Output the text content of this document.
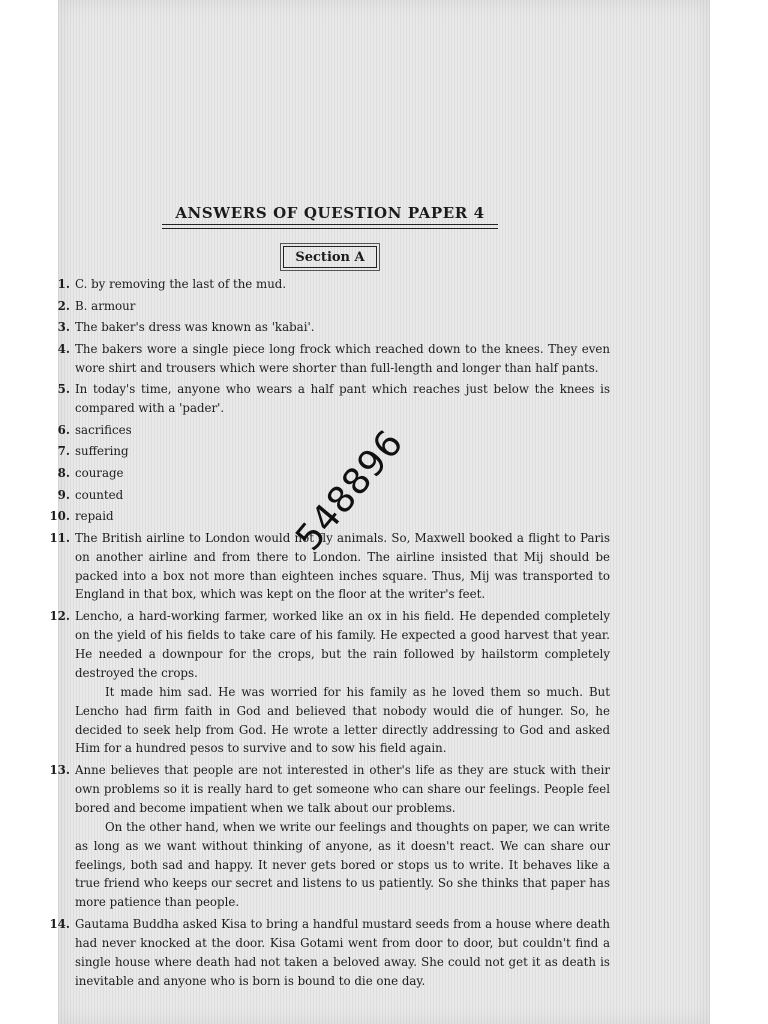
ANSWERS OF QUESTION PAPER 4
Section A
1. C. by removing the last of the mud.

2. B. armour

3. The baker's dress was known as 'kabai'.

4. The bakers wore a single piece long frock which reached down to the knees. They even wore shirt and trousers which were shorter than full-length and longer than half pants.

5. In today's time, anyone who wears a half pant which reaches just below the knees is compared with a 'pader'.

6. sacrifices

7. suffering

8. courage

9. counted

10. repaid

11. The British airline to London would not fly animals. So, Maxwell booked a flight to Paris on another airline and from there to London. The airline insisted that Mij should be packed into a box not more than eighteen inches square. Thus, Mij was transported to England in that box, which was kept on the floor at the writer's feet.

12. Lencho, a hard-working farmer, worked like an ox in his field. He depended completely on the yield of his fields to take care of his family. He expected a good harvest that year. He needed a downpour for the crops, but the rain followed by hailstorm completely destroyed the crops.

It made him sad. He was worried for his family as he loved them so much. But Lencho had firm faith in God and believed that nobody would die of hunger. So, he decided to seek help from God. He wrote a letter directly addressing to God and asked Him for a hundred pesos to survive and to sow his field again.

13. Anne believes that people are not interested in other's life as they are stuck with their own problems so it is really hard to get someone who can share our feelings. People feel bored and become impatient when we talk about our problems.

On the other hand, when we write our feelings and thoughts on paper, we can write as long as we want without thinking of anyone, as it doesn't react. We can share our feelings, both sad and happy. It never gets bored or stops us to write. It behaves like a true friend who keeps our secret and listens to us patiently. So she thinks that paper has more patience than people.

14. Gautama Buddha asked Kisa to bring a handful mustard seeds from a house where death had never knocked at the door. Kisa Gotami went from door to door, but couldn't find a single house where death had not taken a beloved away. She could not get it as death is inevitable and anyone who is born is bound to die one day.

548896
